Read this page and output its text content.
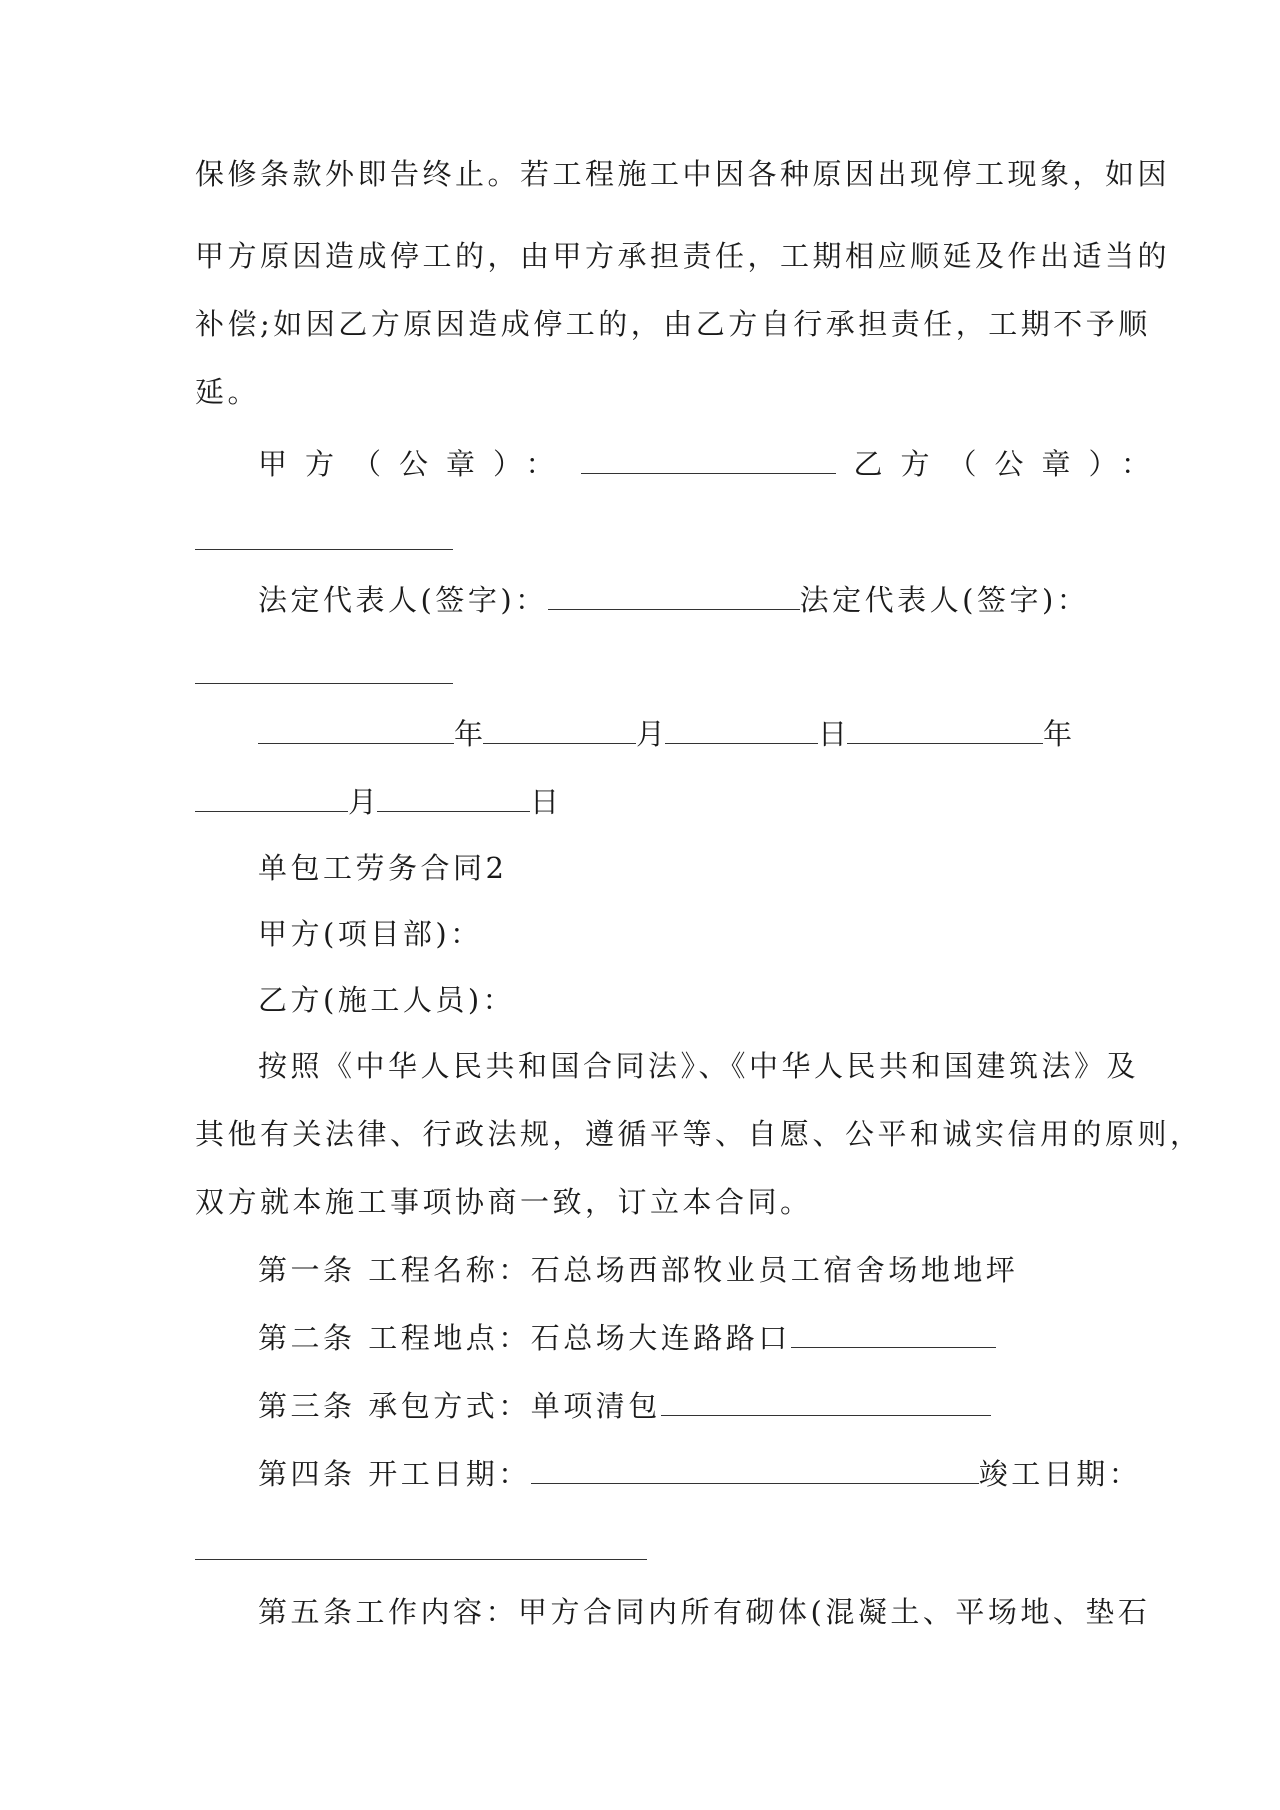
保修条款外即告终止。若工程施工中因各种原因出现停工现象，如因
甲方原因造成停工的，由甲方承担责任，工期相应顺延及作出适当的
补偿;如因乙方原因造成停工的，由乙方自行承担责任，工期不予顺
延。
甲方（公章）：	乙方（公章）：
法定代表人(签字)：	法定代表人(签字)：
年	月	日	年
月	日
单包工劳务合同2
甲方(项目部)：
乙方(施工人员)：
按照《中华人民共和国合同法》、《中华人民共和国建筑法》及
其他有关法律、行政法规，遵循平等、自愿、公平和诚实信用的原则，
双方就本施工事项协商一致，订立本合同。
第一条 工程名称：石总场西部牧业员工宿舍场地地坪
第二条 工程地点：石总场大连路路口
第三条 承包方式：单项清包
第四条 开工日期：	竣工日期：
第五条工作内容：甲方合同内所有砌体(混凝土、平场地、垫石
